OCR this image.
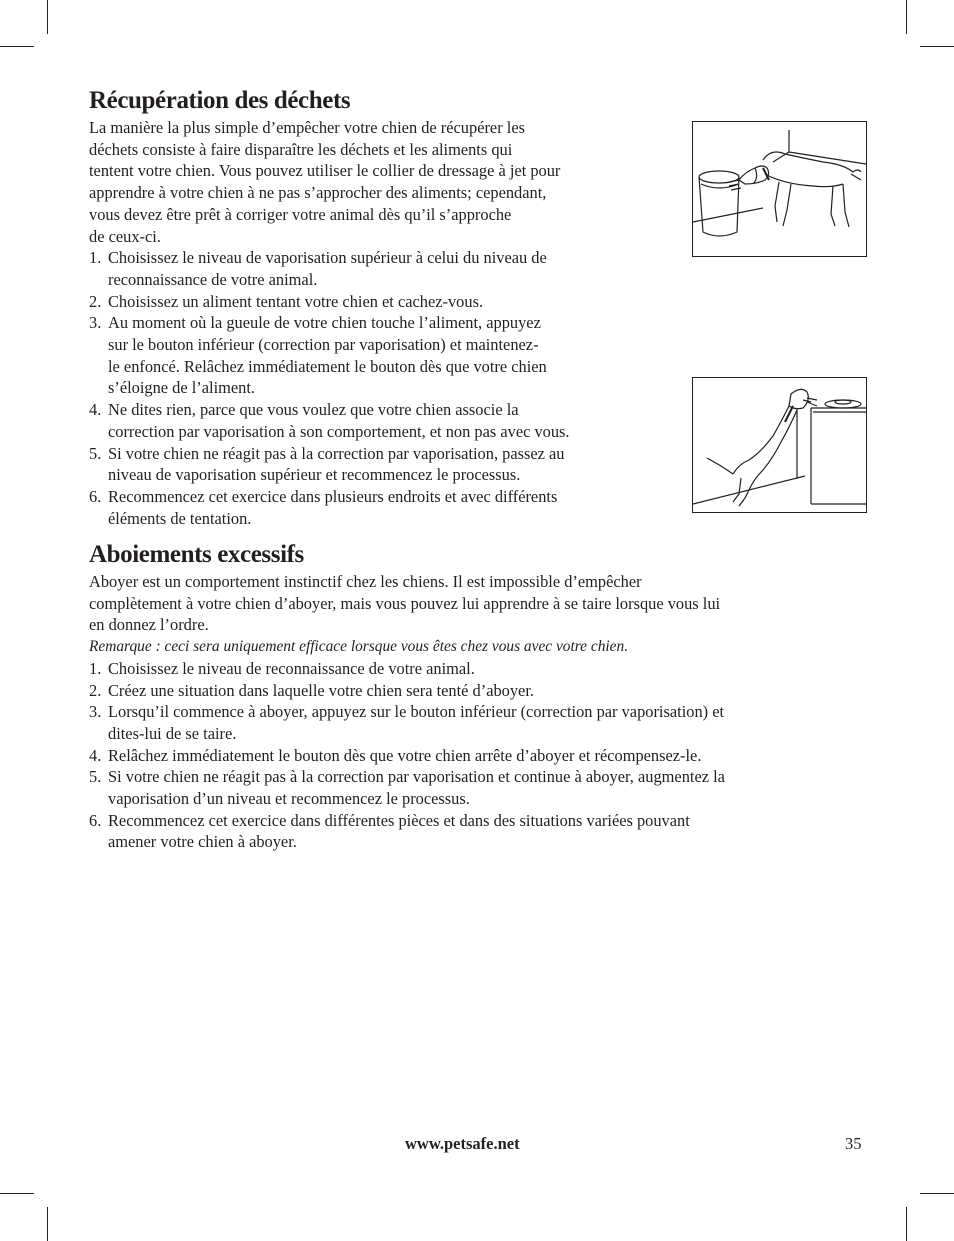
Récupération des déchets
La manière la plus simple d’empêcher votre chien de récupérer les
déchets consiste à faire disparaître les déchets et les aliments qui
tentent votre chien. Vous pouvez utiliser le collier de dressage à jet pour
apprendre à votre chien à ne pas s’approcher des aliments; cependant,
vous devez être prêt à corriger votre animal dès qu’il s’approche
de ceux-ci.
1. Choisissez le niveau de vaporisation supérieur à celui du niveau de
reconnaissance de votre animal.
2. Choisissez un aliment tentant votre chien et cachez-vous.
3. Au moment où la gueule de votre chien touche l’aliment, appuyez
sur le bouton inférieur (correction par vaporisation) et maintenez-
le enfoncé. Relâchez immédiatement le bouton dès que votre chien
s’éloigne de l’aliment.
4. Ne dites rien, parce que vous voulez que votre chien associe la
correction par vaporisation à son comportement, et non pas avec vous.
5. Si votre chien ne réagit pas à la correction par vaporisation, passez au
niveau de vaporisation supérieur et recommencez le processus.
6. Recommencez cet exercice dans plusieurs endroits et avec différents
éléments de tentation.
Aboiements excessifs
Aboyer est un comportement instinctif chez les chiens. Il est impossible d’empêcher
complètement à votre chien d’aboyer, mais vous pouvez lui apprendre à se taire lorsque vous lui
en donnez l’ordre.
Remarque : ceci sera uniquement efficace lorsque vous êtes chez vous avec votre chien.
1. Choisissez le niveau de reconnaissance de votre animal.
2. Créez une situation dans laquelle votre chien sera tenté d’aboyer.
3. Lorsqu’il commence à aboyer, appuyez sur le bouton inférieur (correction par vaporisation) et
dites-lui de se taire.
4. Relâchez immédiatement le bouton dès que votre chien arrête d’aboyer et récompensez-le.
5. Si votre chien ne réagit pas à la correction par vaporisation et continue à aboyer, augmentez la
vaporisation d’un niveau et recommencez le processus.
6. Recommencez cet exercice dans différentes pièces et dans des situations variées pouvant
amener votre chien à aboyer.
www.petsafe.net	35
